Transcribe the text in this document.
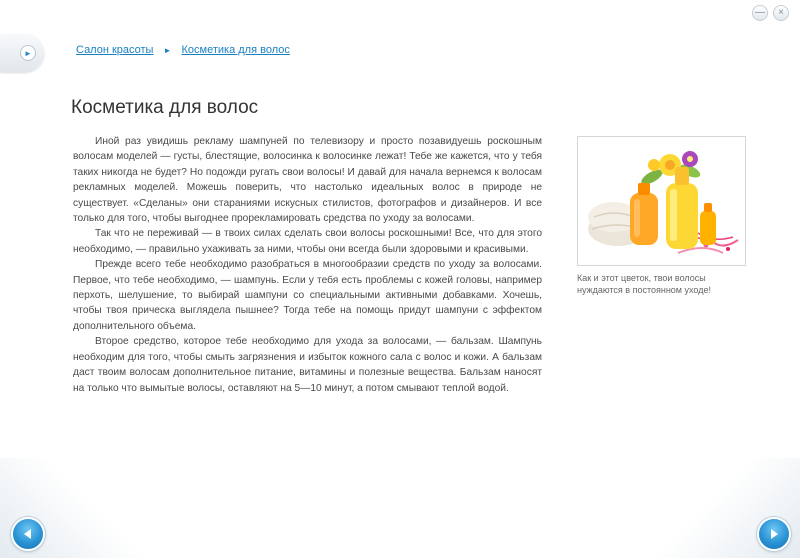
— ×
►	Салон красоты ► Косметика для волос
Косметика для волос

Иной раз увидишь рекламу шампуней по телевизору и просто позавидуешь роскошным волосам моделей — густы, блестящие, волосинка к волосинке лежат! Тебе же кажется, что у тебя таких никогда не будет? Но подожди ругать свои волосы! И давай для начала вернемся к волосам рекламных моделей. Можешь поверить, что настолько идеальных волос в природе не существует. «Сделаны» они стараниями искусных стилистов, фотографов и дизайнеров. И все только для того, чтобы выгоднее прорекламировать средства по уходу за волосами.

Так что не переживай — в твоих силах сделать свои волосы роскошными! Все, что для этого необходимо, — правильно ухаживать за ними, чтобы они всегда были здоровыми и красивыми.

Прежде всего тебе необходимо разобраться в многообразии средств по уходу за волосами. Первое, что тебе необходимо, — шампунь. Если у тебя есть проблемы с кожей головы, например перхоть, шелушение, то выбирай шампуни со специальными активными добавками. Хочешь, чтобы твоя прическа выглядела пышнее? Тогда тебе на помощь придут шампуни с эффектом дополнительного объема.

Второе средство, которое тебе необходимо для ухода за волосами, — бальзам. Шампунь необходим для того, чтобы смыть загрязнения и избыток кожного сала с волос и кожи. А бальзам даст твоим волосам дополнительное питание, витамины и полезные вещества. Бальзам наносят на только что вымытые волосы, оставляют на 5—10 минут, а потом смывают теплой водой.

Как и этот цветок, твои волосы нуждаются в постоянном уходе!
